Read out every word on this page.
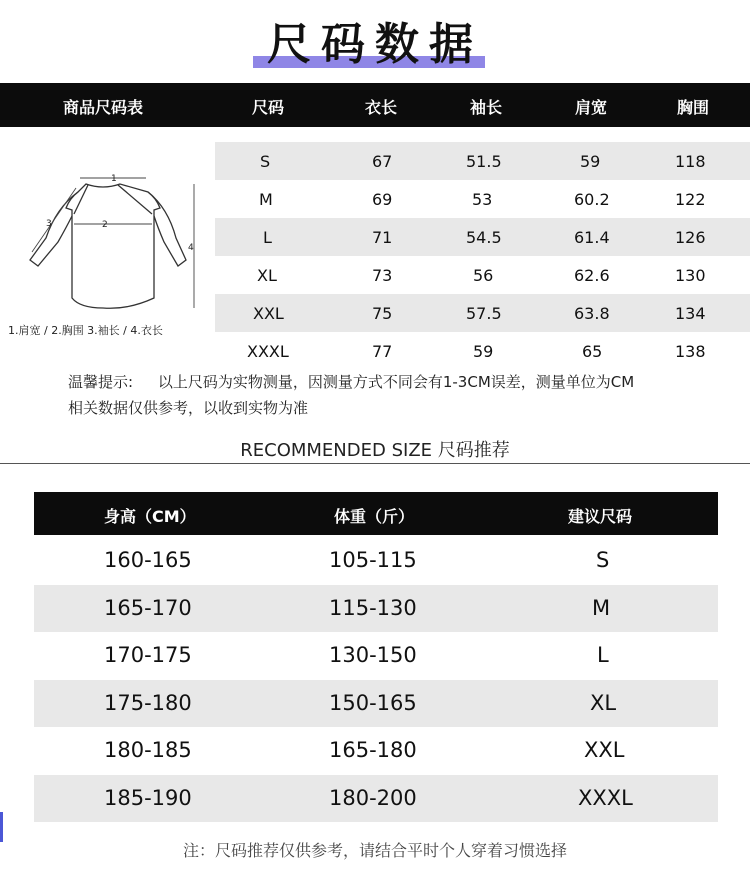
尺码数据
商品尺码表	尺码	衣长	袖长	肩宽	胸围
1
2
3
4
1.肩宽 / 2.胸围 3.袖长 / 4.衣长
S	67	51.5	59	118
M	69	53	60.2	122
L	71	54.5	61.4	126
XL	73	56	62.6	130
XXL	75	57.5	63.8	134
XXXL	77	59	65	138
温馨提示: 以上尺码为实物测量，因测量方式不同会有1-3CM误差，测量单位为CM
相关数据仅供参考，以收到实物为准
RECOMMENDED SIZE 尺码推荐
身高（CM）	体重（斤）	建议尺码
160-165	105-115	S
165-170	115-130	M
170-175	130-150	L
175-180	150-165	XL
180-185	165-180	XXL
185-190	180-200	XXXL
注：尺码推荐仅供参考，请结合平时个人穿着习惯选择
